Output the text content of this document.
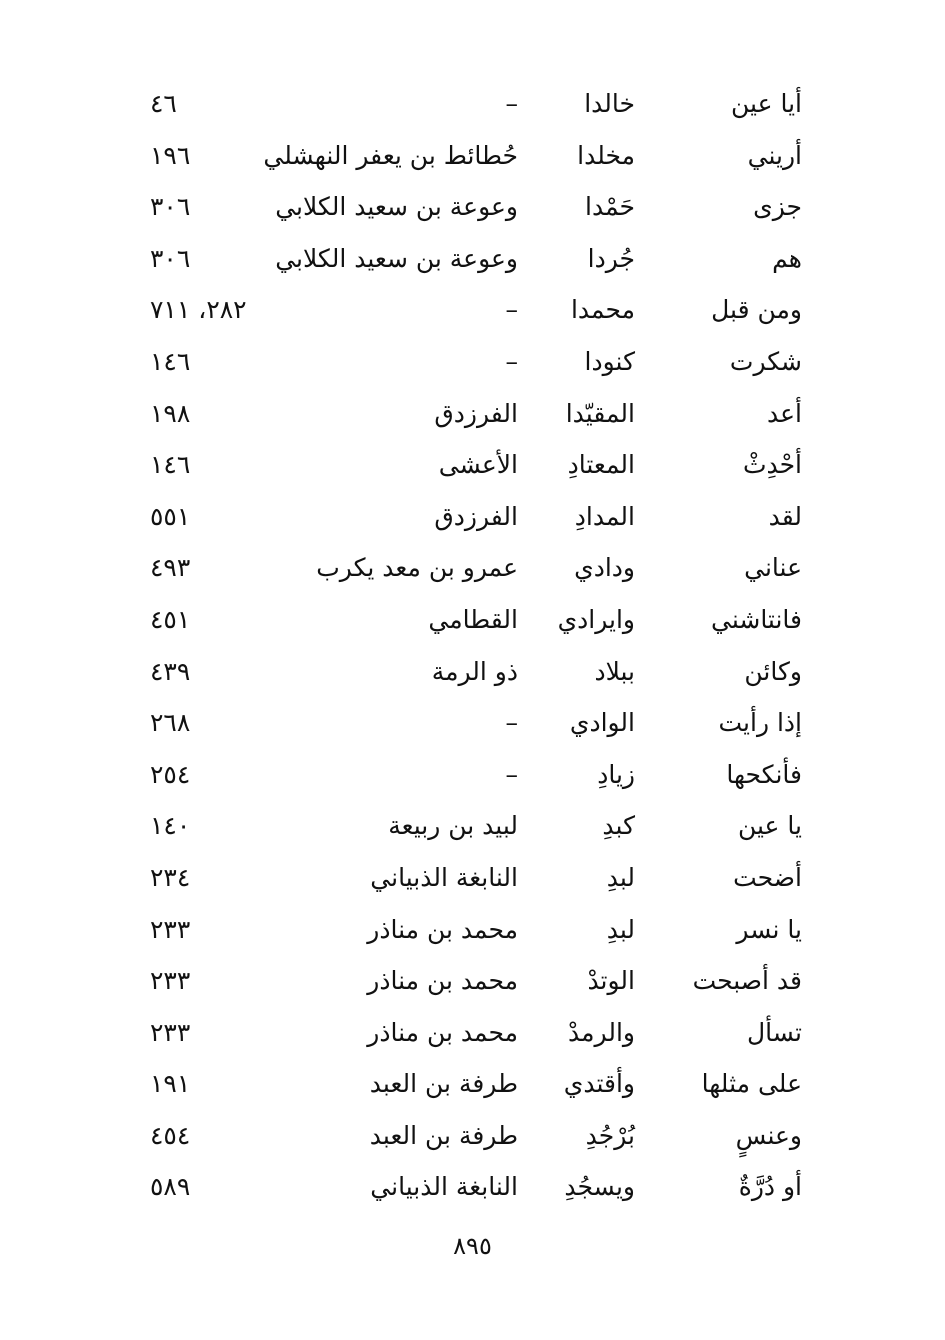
أيا عين
خالدا
–
٤٦
أريني
مخلدا
حُطائط بن يعفر النهشلي
١٩٦
جزى
حَمْدا
وعوعة بن سعيد الكلابي
٣٠٦
هم
جُردا
وعوعة بن سعيد الكلابي
٣٠٦
ومن قبل
محمدا
–
٢٨٢، ٧١١
شكرت
كنودا
–
١٤٦
أعد
المقيّدا
الفرزدق
١٩٨
أحْدِثْ
المعتادِ
الأعشى
١٤٦
لقد
المدادِ
الفرزدق
٥٥١
عناني
ودادي
عمرو بن معد يكرب
٤٩٣
فانتاشني
وايرادي
القطامي
٤٥١
وكائن
ببلاد
ذو الرمة
٤٣٩
إذا رأيت
الوادي
–
٢٦٨
فأنكحها
زيادِ
–
٢٥٤
يا عين
كبدِ
لبيد بن ربيعة
١٤٠
أضحت
لبدِ
النابغة الذبياني
٢٣٤
يا نسر
لبدِ
محمد بن مناذر
٢٣٣
قد أصبحت
الوتدْ
محمد بن مناذر
٢٣٣
تسأل
والرمدْ
محمد بن مناذر
٢٣٣
على مثلها
وأقتدي
طرفة بن العبد
١٩١
وعنسٍ
بُرْجُدِ
طرفة بن العبد
٤٥٤
أو دُرَّةٌ
ويسجُدِ
النابغة الذبياني
٥٨٩
٨٩٥
